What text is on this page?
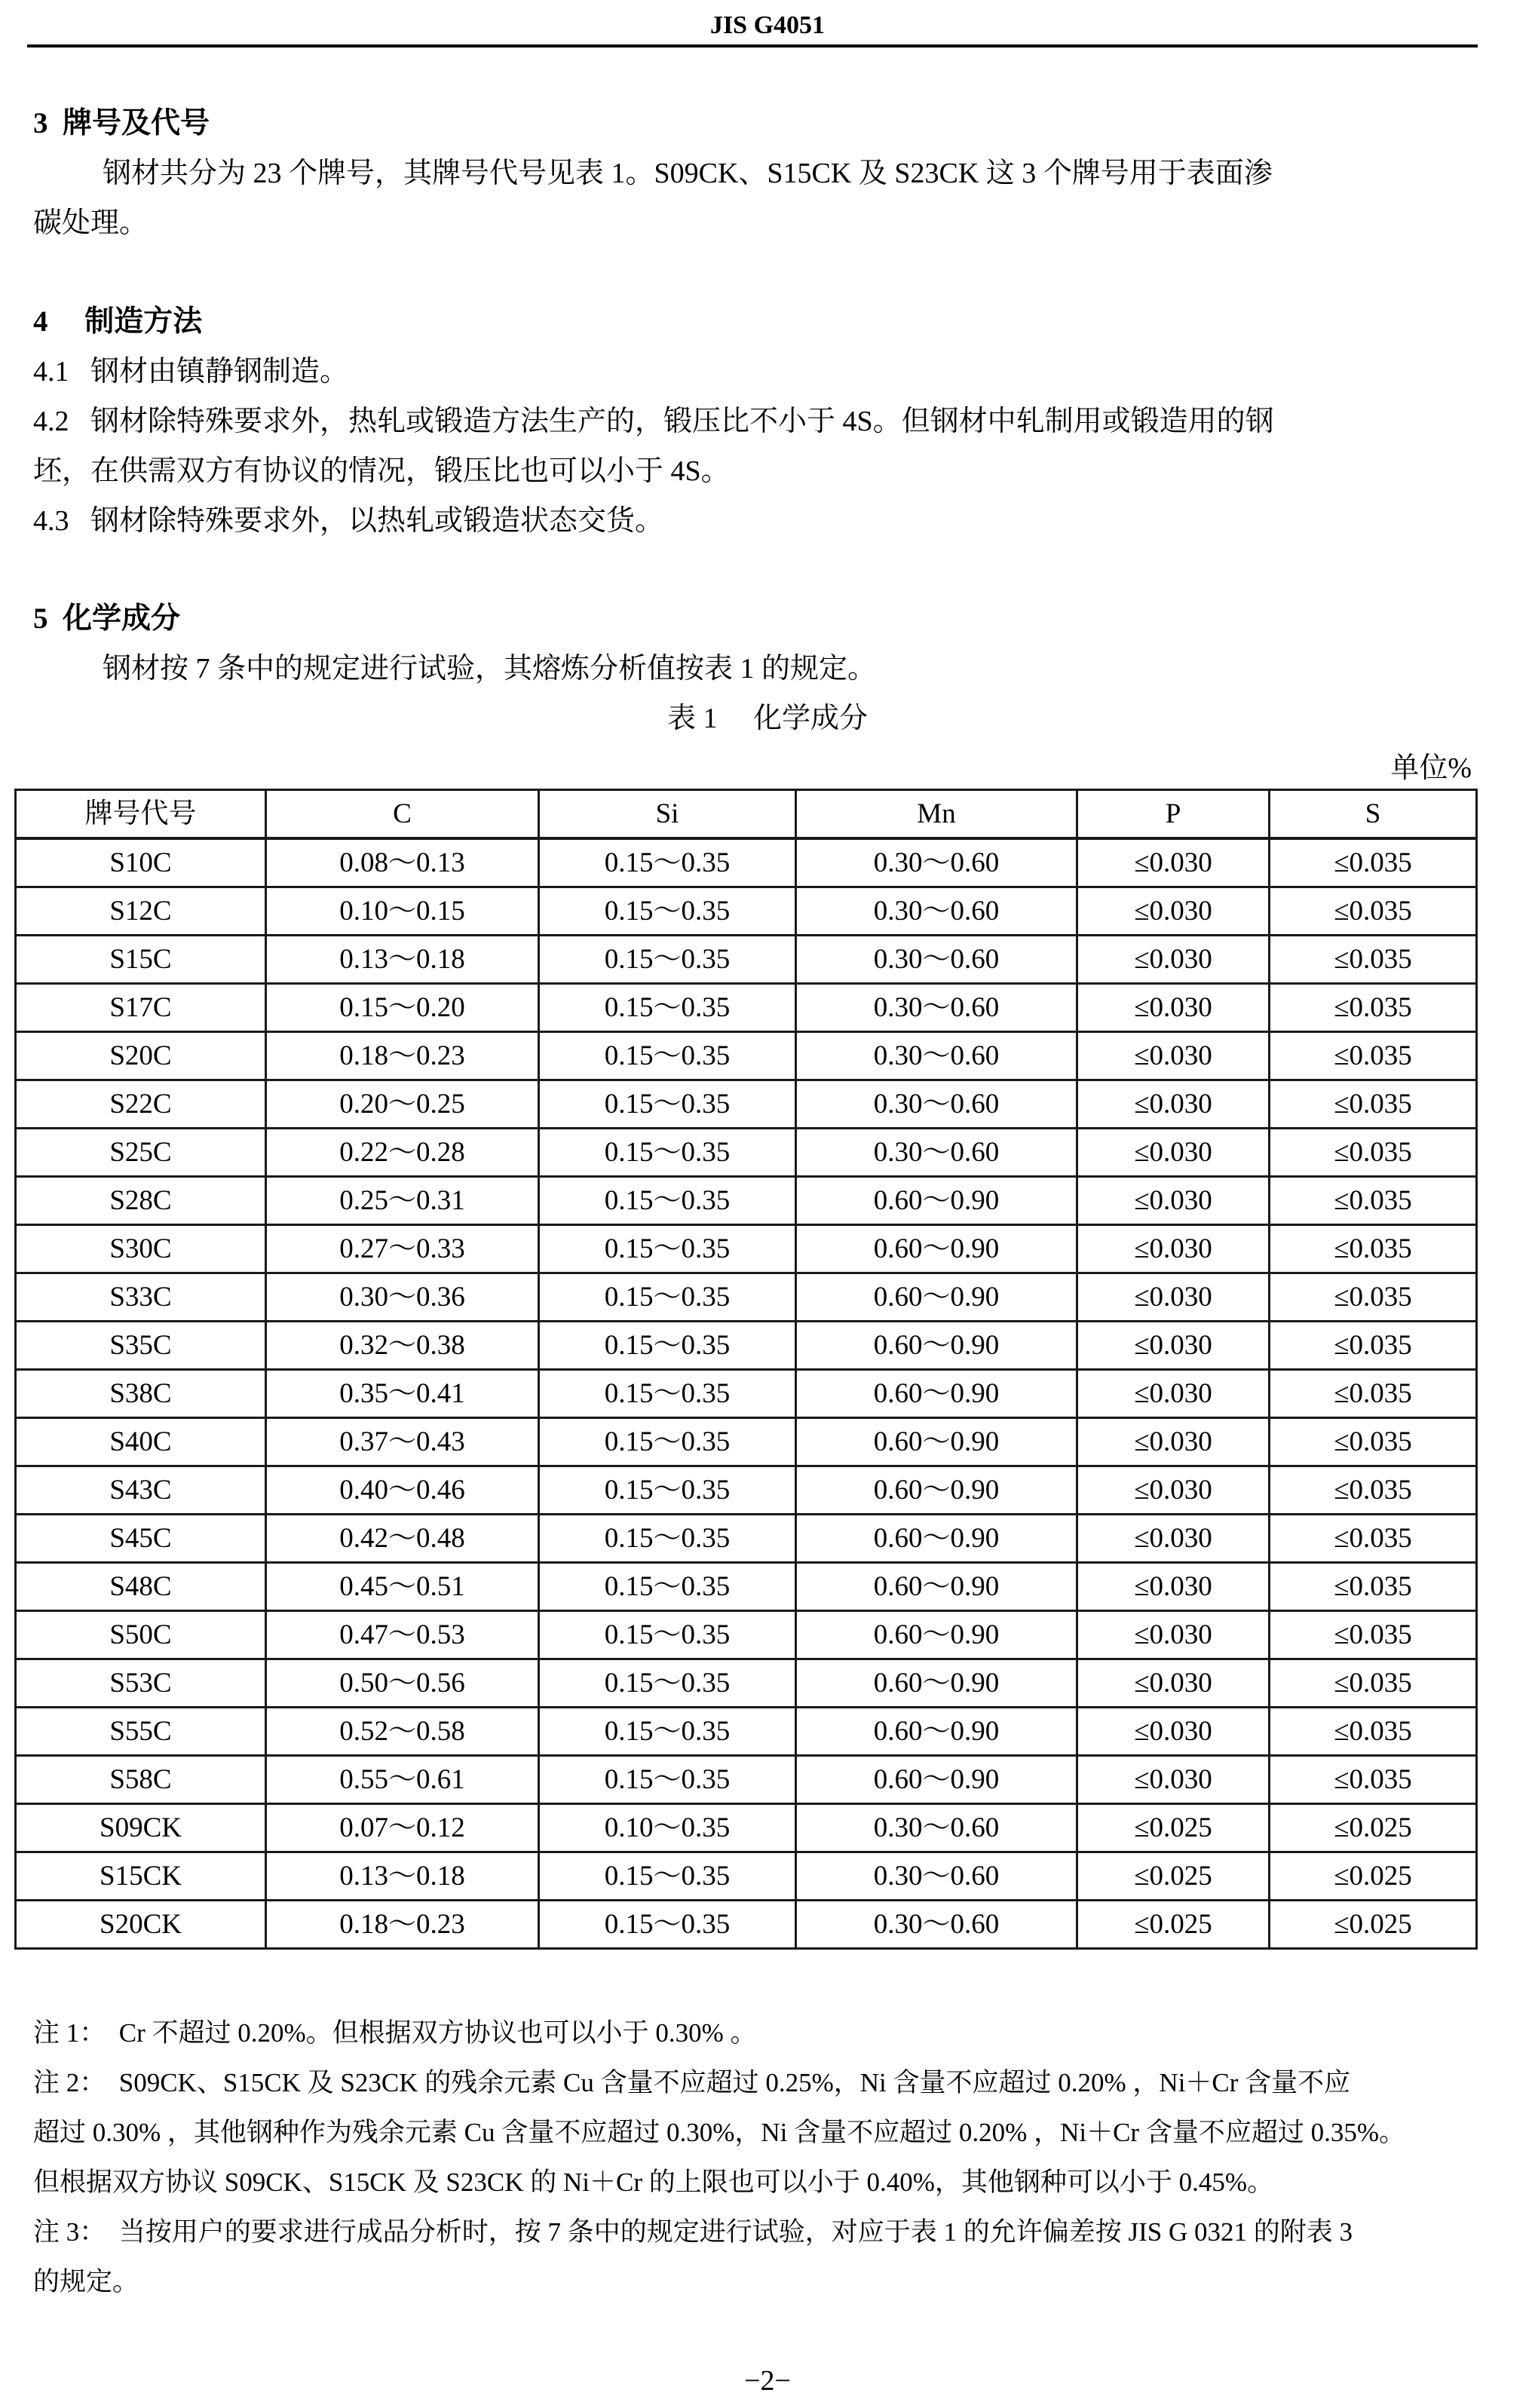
JIS G4051
3 牌号及代号
钢材共分为 23 个牌号，其牌号代号见表 1。S09CK、S15CK 及 S23CK 这 3 个牌号用于表面渗
碳处理。
4 制造方法
4.1 钢材由镇静钢制造。
4.2 钢材除特殊要求外，热轧或锻造方法生产的，锻压比不小于 4S。但钢材中轧制用或锻造用的钢
坯，在供需双方有协议的情况，锻压比也可以小于 4S。
4.3 钢材除特殊要求外，以热轧或锻造状态交货。
5 化学成分
钢材按 7 条中的规定进行试验，其熔炼分析值按表 1 的规定。
表 1　 化学成分
单位%
牌号代号	C	Si	Mn	P	S
S10C	0.08～0.13	0.15～0.35	0.30～0.60	≤0.030	≤0.035
S12C	0.10～0.15	0.15～0.35	0.30～0.60	≤0.030	≤0.035
S15C	0.13～0.18	0.15～0.35	0.30～0.60	≤0.030	≤0.035
S17C	0.15～0.20	0.15～0.35	0.30～0.60	≤0.030	≤0.035
S20C	0.18～0.23	0.15～0.35	0.30～0.60	≤0.030	≤0.035
S22C	0.20～0.25	0.15～0.35	0.30～0.60	≤0.030	≤0.035
S25C	0.22～0.28	0.15～0.35	0.30～0.60	≤0.030	≤0.035
S28C	0.25～0.31	0.15～0.35	0.60～0.90	≤0.030	≤0.035
S30C	0.27～0.33	0.15～0.35	0.60～0.90	≤0.030	≤0.035
S33C	0.30～0.36	0.15～0.35	0.60～0.90	≤0.030	≤0.035
S35C	0.32～0.38	0.15～0.35	0.60～0.90	≤0.030	≤0.035
S38C	0.35～0.41	0.15～0.35	0.60～0.90	≤0.030	≤0.035
S40C	0.37～0.43	0.15～0.35	0.60～0.90	≤0.030	≤0.035
S43C	0.40～0.46	0.15～0.35	0.60～0.90	≤0.030	≤0.035
S45C	0.42～0.48	0.15～0.35	0.60～0.90	≤0.030	≤0.035
S48C	0.45～0.51	0.15～0.35	0.60～0.90	≤0.030	≤0.035
S50C	0.47～0.53	0.15～0.35	0.60～0.90	≤0.030	≤0.035
S53C	0.50～0.56	0.15～0.35	0.60～0.90	≤0.030	≤0.035
S55C	0.52～0.58	0.15～0.35	0.60～0.90	≤0.030	≤0.035
S58C	0.55～0.61	0.15～0.35	0.60～0.90	≤0.030	≤0.035
S09CK	0.07～0.12	0.10～0.35	0.30～0.60	≤0.025	≤0.025
S15CK	0.13～0.18	0.15～0.35	0.30～0.60	≤0.025	≤0.025
S20CK	0.18～0.23	0.15～0.35	0.30～0.60	≤0.025	≤0.025
注 1：　Cr 不超过 0.20%。但根据双方协议也可以小于 0.30% 。
注 2：　S09CK、S15CK 及 S23CK 的残余元素 Cu 含量不应超过 0.25%，Ni 含量不应超过 0.20% ，Ni＋Cr 含量不应
超过 0.30% ，其他钢种作为残余元素 Cu 含量不应超过 0.30%，Ni 含量不应超过 0.20% ，Ni＋Cr 含量不应超过 0.35%。
但根据双方协议 S09CK、S15CK 及 S23CK 的 Ni＋Cr 的上限也可以小于 0.40%，其他钢种可以小于 0.45%。
注 3：　当按用户的要求进行成品分析时，按 7 条中的规定进行试验，对应于表 1 的允许偏差按 JIS G 0321 的附表 3
的规定。
−2−
